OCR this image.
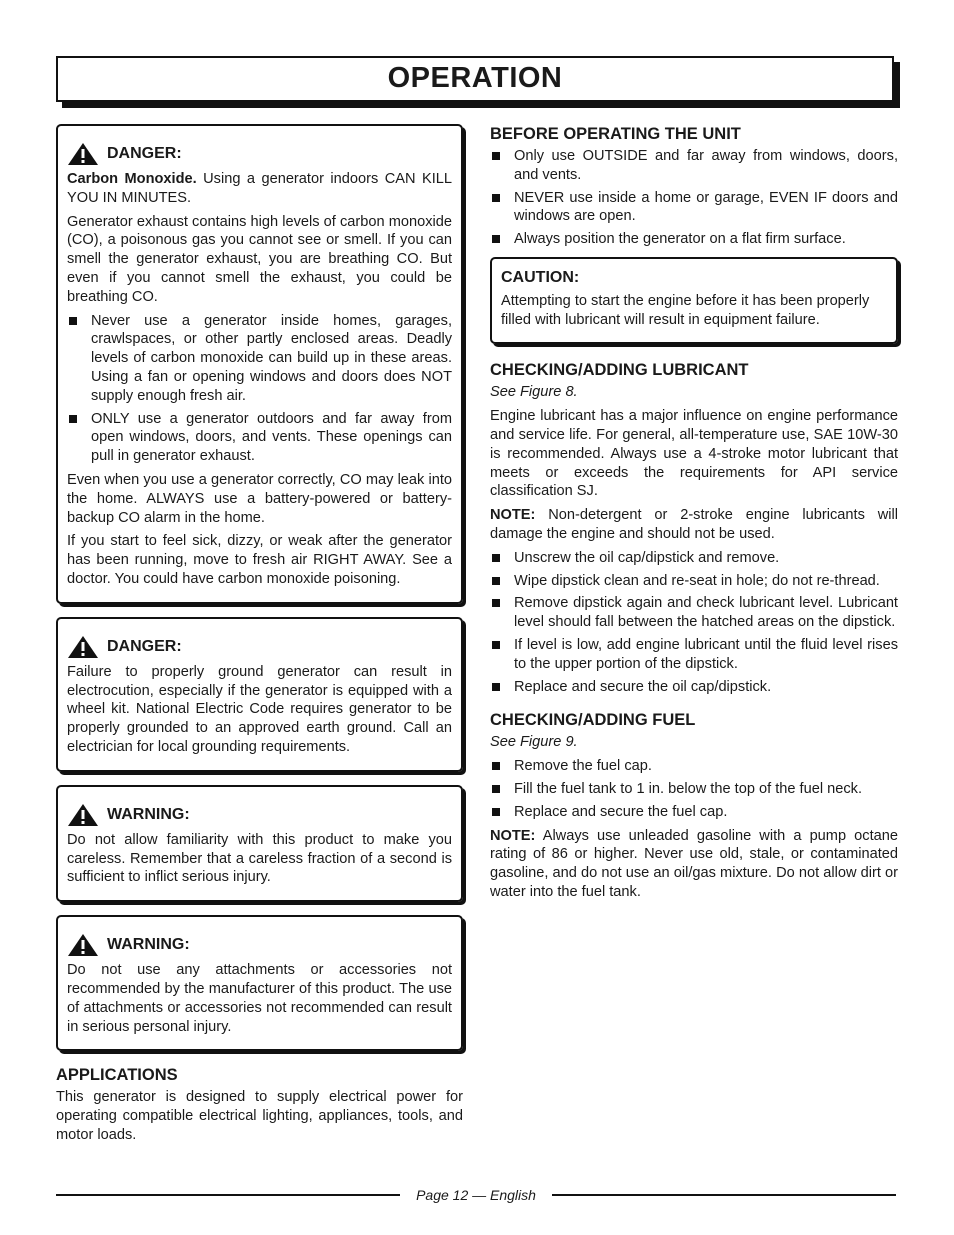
OPERATION
DANGER:

Carbon Monoxide. Using a generator indoors CAN KILL YOU IN MINUTES.

Generator exhaust contains high levels of carbon monoxide (CO), a poisonous gas you cannot see or smell. If you can smell the generator exhaust, you are breathing CO. But even if you cannot smell the exhaust, you could be breathing CO.

Never use a generator inside homes, garages, crawlspaces, or other partly enclosed areas. Deadly levels of carbon monoxide can build up in these areas. Using a fan or opening windows and doors does NOT supply enough fresh air.
ONLY use a generator outdoors and far away from open windows, doors, and vents. These openings can pull in generator exhaust.

Even when you use a generator correctly, CO may leak into the home. ALWAYS use a battery-powered or battery-backup CO alarm in the home.

If you start to feel sick, dizzy, or weak after the generator has been running, move to fresh air RIGHT AWAY. See a doctor. You could have carbon monoxide poisoning.

DANGER:

Failure to properly ground generator can result in electrocution, especially if the generator is equipped with a wheel kit. National Electric Code requires generator to be properly grounded to an approved earth ground. Call an electrician for local grounding requirements.

WARNING:

Do not allow familiarity with this product to make you careless. Remember that a careless fraction of a second is sufficient to inflict serious injury.

WARNING:

Do not use any attachments or accessories not recommended by the manufacturer of this product. The use of attachments or accessories not recommended can result in serious personal injury.

APPLICATIONS

This generator is designed to supply electrical power for operating compatible electrical lighting, appliances, tools, and motor loads.

BEFORE OPERATING THE UNIT
Only use OUTSIDE and far away from windows, doors, and vents.
NEVER use inside a home or garage, EVEN IF doors and windows are open.
Always position the generator on a flat firm surface.
CAUTION:

Attempting to start the engine before it has been properly filled with lubricant will result in equipment failure.

CHECKING/ADDING LUBRICANT
See Figure 8.

Engine lubricant has a major influence on engine performance and service life. For general, all-temperature use, SAE 10W-30 is recommended. Always use a 4-stroke motor lubricant that meets or exceeds the requirements for API service classification SJ.

NOTE: Non-detergent or 2-stroke engine lubricants will damage the engine and should not be used.

Unscrew the oil cap/dipstick and remove.
Wipe dipstick clean and re-seat in hole; do not re-thread.
Remove dipstick again and check lubricant level. Lubricant level should fall between the hatched areas on the dipstick.
If level is low, add engine lubricant until the fluid level rises to the upper portion of the dipstick.
Replace and secure the oil cap/dipstick.
CHECKING/ADDING FUEL
See Figure 9.
Remove the fuel cap.
Fill the fuel tank to 1 in. below the top of the fuel neck.
Replace and secure the fuel cap.

NOTE: Always use unleaded gasoline with a pump octane rating of 86 or higher. Never use old, stale, or contaminated gasoline, and do not use an oil/gas mixture. Do not allow dirt or water into the fuel tank.

Page 12 — English
